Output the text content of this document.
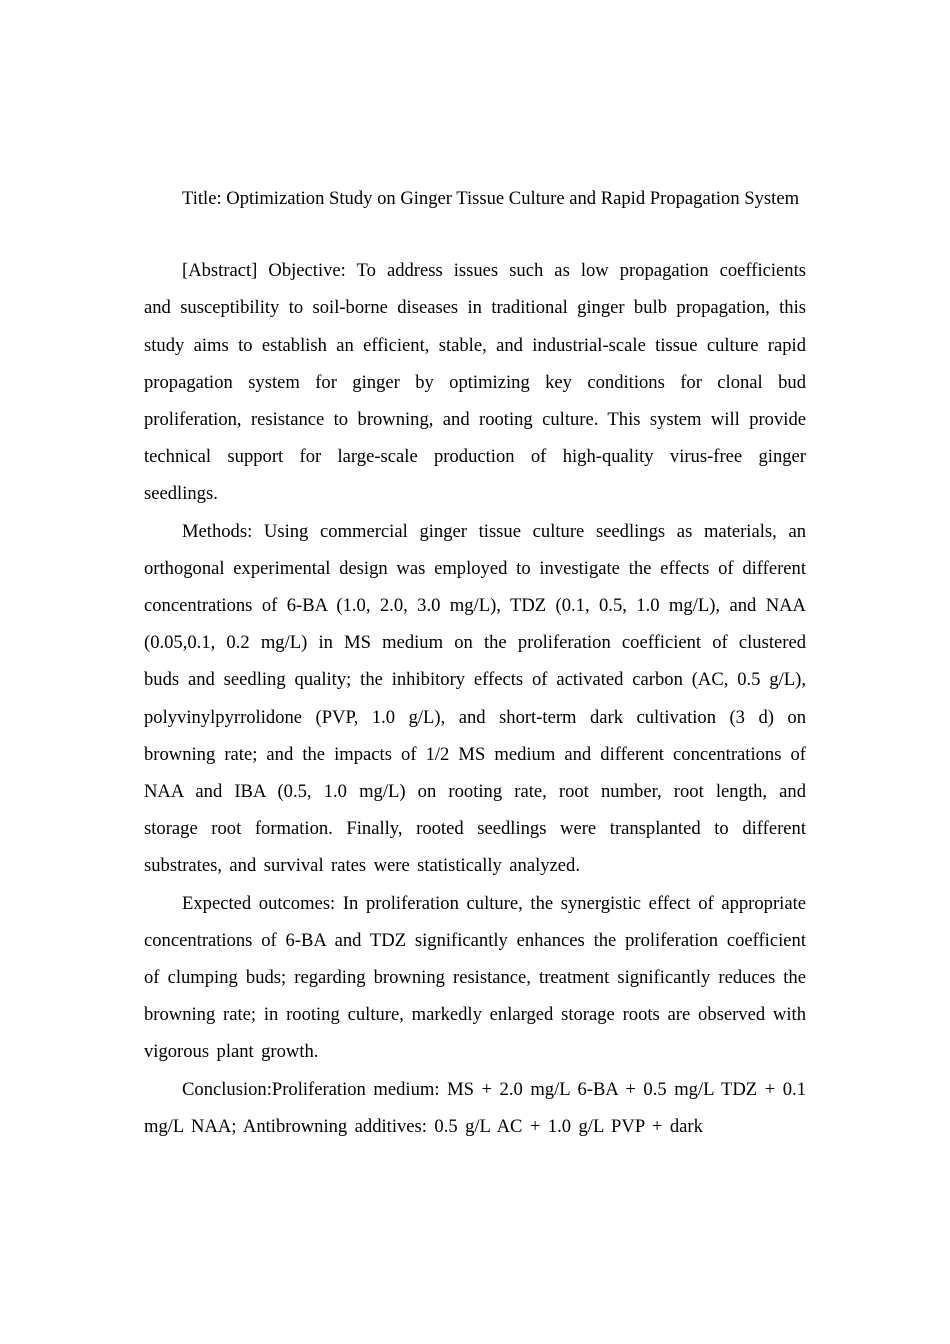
Title: Optimization Study on Ginger Tissue Culture and Rapid Propagation System

[Abstract] Objective: To address issues such as low propagation coefficients and susceptibility to soil-borne diseases in traditional ginger bulb propagation, this study aims to establish an efficient, stable, and industrial-scale tissue culture rapid propagation system for ginger by optimizing key conditions for clonal bud proliferation, resistance to browning, and rooting culture. This system will provide technical support for large-scale production of high-quality virus-free ginger seedlings.

Methods: Using commercial ginger tissue culture seedlings as materials, an orthogonal experimental design was employed to investigate the effects of different concentrations of 6-BA (1.0, 2.0, 3.0 mg/L), TDZ (0.1, 0.5, 1.0 mg/L), and NAA (0.05,0.1, 0.2 mg/L) in MS medium on the proliferation coefficient of clustered buds and seedling quality; the inhibitory effects of activated carbon (AC, 0.5 g/L), polyvinylpyrrolidone (PVP, 1.0 g/L), and short-term dark cultivation (3 d) on browning rate; and the impacts of 1/2 MS medium and different concentrations of NAA and IBA (0.5, 1.0 mg/L) on rooting rate, root number, root length, and storage root formation. Finally, rooted seedlings were transplanted to different substrates, and survival rates were statistically analyzed.

Expected outcomes: In proliferation culture, the synergistic effect of appropriate concentrations of 6-BA and TDZ significantly enhances the proliferation coefficient of clumping buds; regarding browning resistance, treatment significantly reduces the browning rate; in rooting culture, markedly enlarged storage roots are observed with vigorous plant growth.

Conclusion:Proliferation medium: MS + 2.0 mg/L 6-BA + 0.5 mg/L TDZ + 0.1 mg/L NAA; Antibrowning additives: 0.5 g/L AC + 1.0 g/L PVP + dark
